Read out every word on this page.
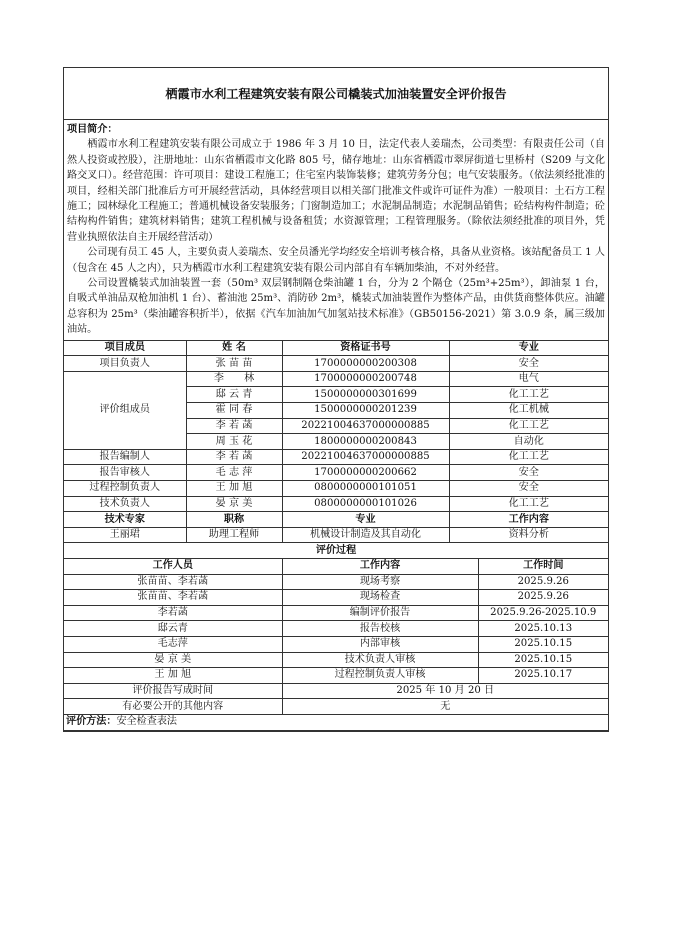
栖霞市水利工程建筑安装有限公司橇装式加油装置安全评价报告
项目简介：

栖霞市水利工程建筑安装有限公司成立于 1986 年 3 月 10 日，法定代表人姜瑞杰，公司类型：有限责任公司（自然人投资或控股），注册地址：山东省栖霞市文化路 805 号，储存地址：山东省栖霞市翠屏街道七里桥村（S209 与文化路交叉口）。经营范围：许可项目：建设工程施工；住宅室内装饰装修；建筑劳务分包；电气安装服务。（依法须经批准的项目，经相关部门批准后方可开展经营活动，具体经营项目以相关部门批准文件或许可证件为准）一般项目：土石方工程施工；园林绿化工程施工；普通机械设备安装服务；门窗制造加工；水泥制品制造；水泥制品销售；砼结构构件制造；砼结构构件销售；建筑材料销售；建筑工程机械与设备租赁；水资源管理；工程管理服务。（除依法须经批准的项目外，凭营业执照依法自主开展经营活动）

公司现有员工 45 人，主要负责人姜瑞杰、安全员潘光学均经安全培训考核合格，具备从业资格。该站配备员工 1 人（包含在 45 人之内），只为栖霞市水利工程建筑安装有限公司内部自有车辆加柴油，不对外经营。

公司设置橇装式加油装置一套（50m³ 双层钢制隔仓柴油罐 1 台，分为 2 个隔仓（25m³+25m³），卸油泵 1 台，自吸式单油品双枪加油机 1 台）、蓄油池 25m³、消防砂 2m³，橇装式加油装置作为整体产品，由供货商整体供应。油罐总容积为 25m³（柴油罐容积折半），依据《汽车加油加气加氢站技术标准》（GB50156-2021）第 3.0.9 条，属三级加油站。

项目成员	姓 名	资格证书号	专业
项目负责人	张 苗 苗	1700000000200308	安全
评价组成员	李　　林	1700000000200748	电气
	邸 云 青	1500000000301699	化工工艺
	霍 同 春	1500000000201239	化工机械
	李 若 菡	20221004637000000885	化工工艺
	周 玉 花	1800000000200843	自动化
报告编制人	李 若 菡	20221004637000000885	化工工艺
报告审核人	毛 志 萍	1700000000200662	安全
过程控制负责人	王 加 旭	0800000000101051	安全
技术负责人	晏 京 美	0800000000101026	化工工艺
技术专家	职称	专业	工作内容
王丽珺	助理工程师	机械设计制造及其自动化	资料分析
评价过程		
工作人员	工作内容	工作时间
张苗苗、李若菡	现场考察	2025.9.26
张苗苗、李若菡	现场检查	2025.9.26
李若菡	编制评价报告	2025.9.26-2025.10.9
邸云青	报告校核	2025.10.13
毛志萍	内部审核	2025.10.15
晏 京 美	技术负责人审核	2025.10.15
王 加 旭	过程控制负责人审核	2025.10.17
评价报告写成时间	2025 年 10 月 20 日
有必要公开的其他内容	无
评价方法：安全检查表法	
